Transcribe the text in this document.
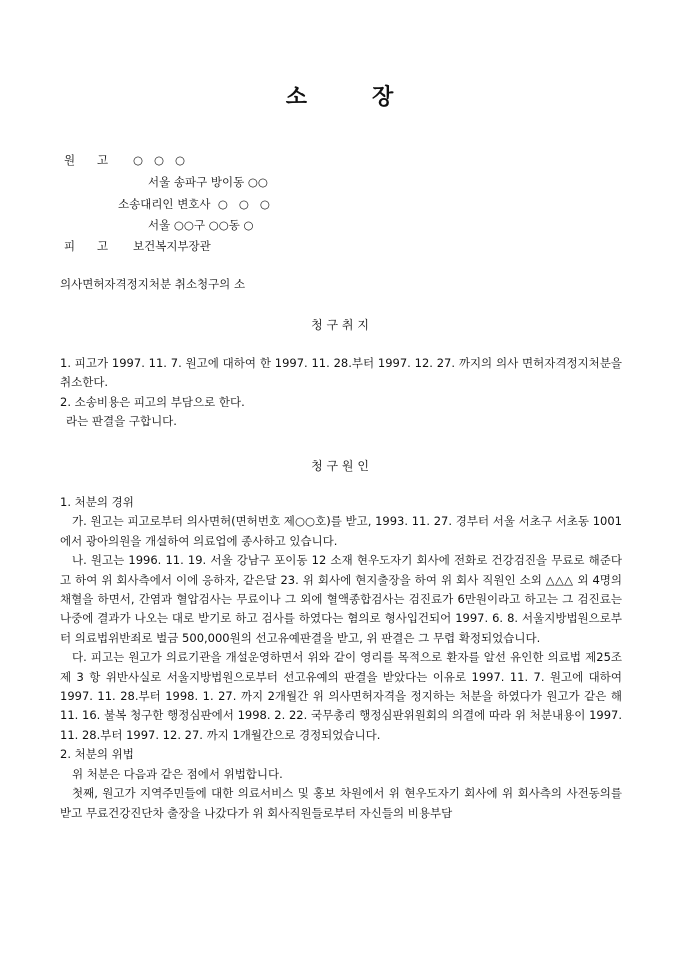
소	장
원      고 ○   ○   ○
서울 송파구 방이동 ○○
소송대리인 변호사  ○   ○   ○
서울 ○○구 ○○동 ○
피      고 보건복지부장관
의사면허자격정지처분 취소청구의 소
청 구 취 지

1. 피고가 1997. 11. 7. 원고에 대하여 한 1997. 11. 28.부터 1997. 12. 27. 까지의 의사 면허자격정지처분을 취소한다.

2. 소송비용은 피고의 부담으로 한다.

라는 판결을 구합니다.

청 구 원 인

1. 처분의 경위

가. 원고는 피고로부터 의사면허(면허번호 제○○호)를 받고, 1993. 11. 27. 경부터 서울 서초구 서초동 1001에서 광아의원을 개설하여 의료업에 종사하고 있습니다.

나. 원고는 1996. 11. 19. 서울 강남구 포이동 12 소재 현우도자기 회사에 전화로 건강검진을 무료로 해준다고 하여 위 회사측에서 이에 응하자, 같은달 23. 위 회사에 현지출장을 하여 위 회사 직원인 소외 △△△ 외 4명의 채혈을 하면서, 간염과 혈압검사는 무료이나 그 외에 혈액종합검사는 검진료가 6만원이라고 하고는 그 검진료는 나중에 결과가 나오는 대로 받기로 하고 검사를 하였다는 혐의로 형사입건되어 1997. 6. 8. 서울지방법원으로부터 의료법위반죄로 벌금 500,000원의 선고유예판결을 받고, 위 판결은 그 무렵 확정되었습니다.

다. 피고는 원고가 의료기관을 개설운영하면서 위와 같이 영리를 목적으로 환자를 알선 유인한 의료법 제25조 제 3 항 위반사실로 서울지방법원으로부터 선고유예의 판결을 받았다는 이유로 1997. 11. 7. 원고에 대하여 1997. 11. 28.부터 1998. 1. 27. 까지 2개월간 위 의사면허자격을 정지하는 처분을 하였다가 원고가 같은 해 11. 16. 불복 청구한 행정심판에서 1998. 2. 22. 국무총리 행정심판위원회의 의결에 따라 위 처분내용이 1997. 11. 28.부터 1997. 12. 27. 까지 1개월간으로 경정되었습니다.

2. 처분의 위법

위 처분은 다음과 같은 점에서 위법합니다.

첫째, 원고가 지역주민들에 대한 의료서비스 및 홍보 차원에서 위 현우도자기 회사에 위 회사측의 사전동의를 받고 무료건강진단차 출장을 나갔다가 위 회사직원들로부터 자신들의 비용부담
